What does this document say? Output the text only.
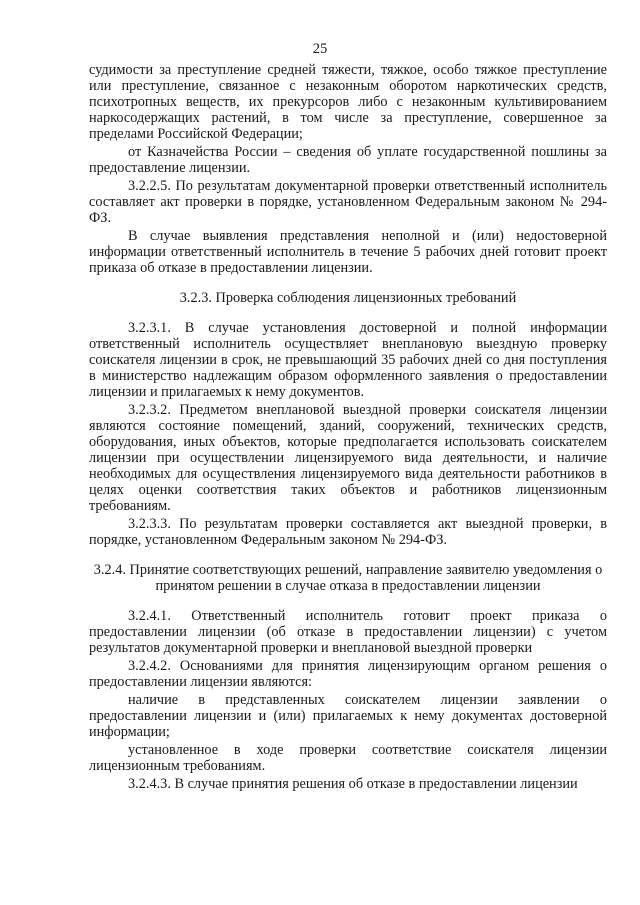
25

судимости за преступление средней тяжести, тяжкое, особо тяжкое преступление или преступление, связанное с незаконным оборотом наркотических средств, психотропных веществ, их прекурсоров либо с незаконным культивированием наркосодержащих растений, в том числе за преступление, совершенное за пределами Российской Федерации;

от Казначейства России – сведения об уплате государственной пошлины за предоставление лицензии.

3.2.2.5. По результатам документарной проверки ответственный исполнитель составляет акт проверки в порядке, установленном Федеральным законом № 294-ФЗ.

В случае выявления представления неполной и (или) недостоверной информации ответственный исполнитель в течение 5 рабочих дней готовит проект приказа об отказе в предоставлении лицензии.

3.2.3. Проверка соблюдения лицензионных требований

3.2.3.1. В случае установления достоверной и полной информации ответственный исполнитель осуществляет внеплановую выездную проверку соискателя лицензии в срок, не превышающий 35 рабочих дней со дня поступления в министерство надлежащим образом оформленного заявления о предоставлении лицензии и прилагаемых к нему документов.

3.2.3.2. Предметом внеплановой выездной проверки соискателя лицензии являются состояние помещений, зданий, сооружений, технических средств, оборудования, иных объектов, которые предполагается использовать соискателем лицензии при осуществлении лицензируемого вида деятельности, и наличие необходимых для осуществления лицензируемого вида деятельности работников в целях оценки соответствия таких объектов и работников лицензионным требованиям.

3.2.3.3. По результатам проверки составляется акт выездной проверки, в порядке, установленном Федеральным законом № 294-ФЗ.

3.2.4. Принятие соответствующих решений, направление заявителю уведомления о принятом решении в случае отказа в предоставлении лицензии

3.2.4.1. Ответственный исполнитель готовит проект приказа о предоставлении лицензии (об отказе в предоставлении лицензии) с учетом результатов документарной проверки и внеплановой выездной проверки

3.2.4.2. Основаниями для принятия лицензирующим органом решения о предоставлении лицензии являются:

наличие в представленных соискателем лицензии заявлении о предоставлении лицензии и (или) прилагаемых к нему документах достоверной информации;

установленное в ходе проверки соответствие соискателя лицензии лицензионным требованиям.

3.2.4.3. В случае принятия решения об отказе в предоставлении лицензии
